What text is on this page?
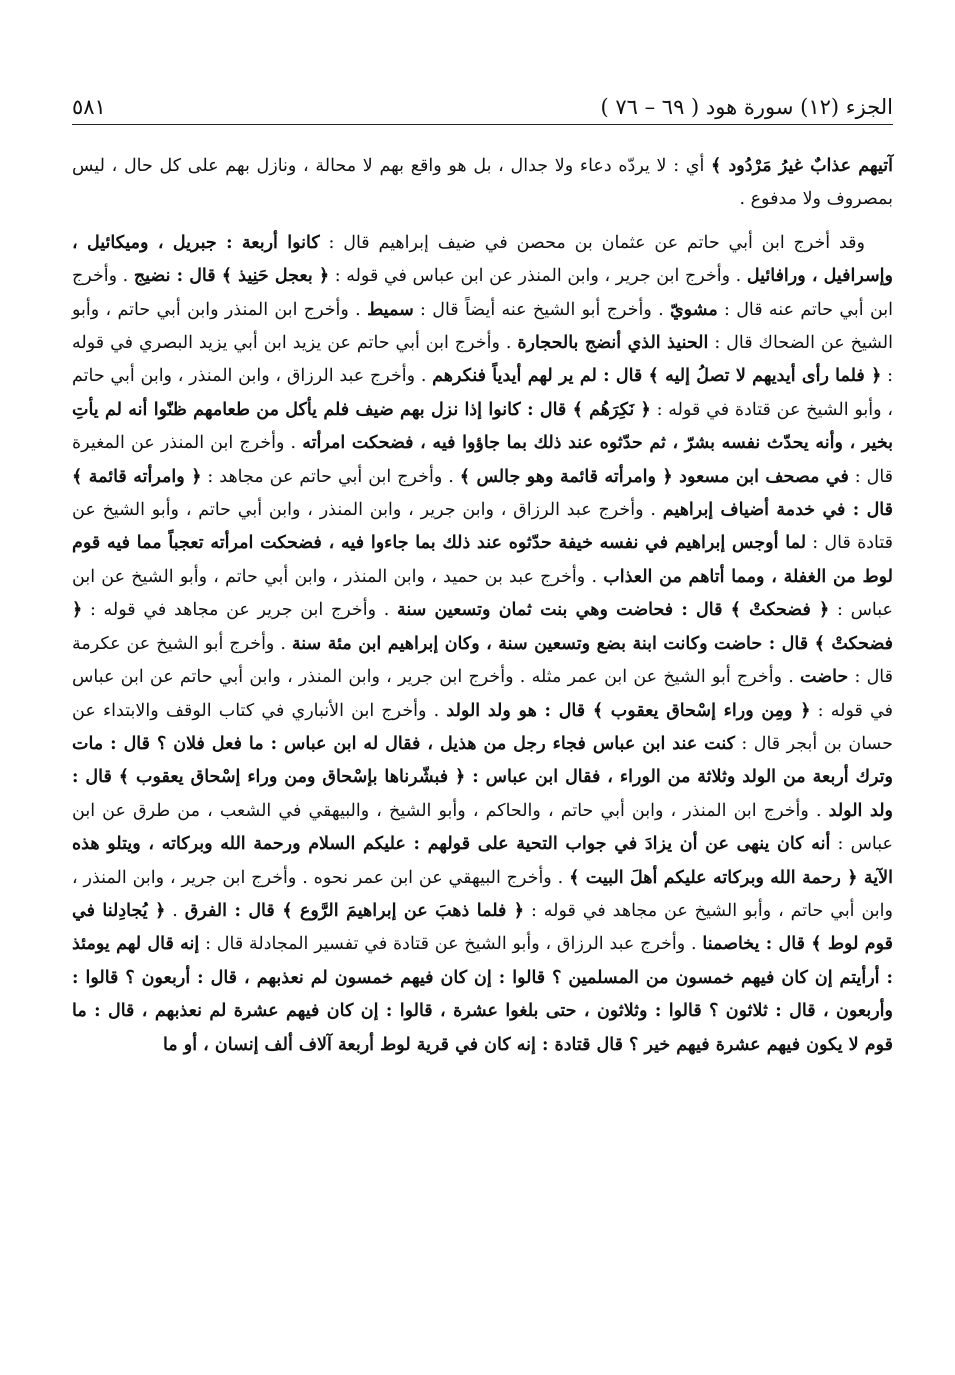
الجزء (١٢) سورة هود ( ٦٩ – ٧٦ )
٥٨١

آتيهم عذابٌ غيرُ مَرْدُود ﴾ أي : لا يردّه دعاء ولا جدال ، بل هو واقع بهم لا محالة ، ونازل بهم على كل حال ، ليس بمصروف ولا مدفوع .

وقد أخرج ابن أبي حاتم عن عثمان بن محصن في ضيف إبراهيم قال : كانوا أربعة : جبريل ، وميكائيل ، وإسرافيل ، ورافائيل . وأخرج ابن جرير ، وابن المنذر عن ابن عباس في قوله : ﴿ بعجل حَنِيذ ﴾ قال : نضيج . وأخرج ابن أبي حاتم عنه قال : مشويّ . وأخرج أبو الشيخ عنه أيضاً قال : سميط . وأخرج ابن المنذر وابن أبي حاتم ، وأبو الشيخ عن الضحاك قال : الحنيذ الذي أنضج بالحجارة . وأخرج ابن أبي حاتم عن يزيد ابن أبي يزيد البصري في قوله : ﴿ فلما رأى أيديهم لا تصلُ إليه ﴾ قال : لم ير لهم أيدياً فنكرهم . وأخرج عبد الرزاق ، وابن المنذر ، وابن أبي حاتم ، وأبو الشيخ عن قتادة في قوله : ﴿ نَكِرَهُم ﴾ قال : كانوا إذا نزل بهم ضيف فلم يأكل من طعامهم ظنّوا أنه لم يأتِ بخير ، وأنه يحدّث نفسه بشرّ ، ثم حدّثوه عند ذلك بما جاؤوا فيه ، فضحكت امرأته . وأخرج ابن المنذر عن المغيرة قال : في مصحف ابن مسعود ﴿ وامرأته قائمة وهو جالس ﴾ . وأخرج ابن أبي حاتم عن مجاهد : ﴿ وامرأته قائمة ﴾ قال : في خدمة أضياف إبراهيم . وأخرج عبد الرزاق ، وابن جرير ، وابن المنذر ، وابن أبي حاتم ، وأبو الشيخ عن قتادة قال : لما أوجس إبراهيم في نفسه خيفة حدّثوه عند ذلك بما جاءوا فيه ، فضحكت امرأته تعجباً مما فيه قوم لوط من الغفلة ، ومما أتاهم من العذاب . وأخرج عبد بن حميد ، وابن المنذر ، وابن أبي حاتم ، وأبو الشيخ عن ابن عباس : ﴿ فضحكتْ ﴾ قال : فحاضت وهي بنت ثمان وتسعين سنة . وأخرج ابن جرير عن مجاهد في قوله : ﴿ فضحكتْ ﴾ قال : حاضت وكانت ابنة بضع وتسعين سنة ، وكان إبراهيم ابن مئة سنة . وأخرج أبو الشيخ عن عكرمة قال : حاضت . وأخرج أبو الشيخ عن ابن عمر مثله . وأخرج ابن جرير ، وابن المنذر ، وابن أبي حاتم عن ابن عباس في قوله : ﴿ ومِن وراء إسْحاق يعقوب ﴾ قال : هو ولد الولد . وأخرج ابن الأنباري في كتاب الوقف والابتداء عن حسان بن أبجر قال : كنت عند ابن عباس فجاء رجل من هذيل ، فقال له ابن عباس : ما فعل فلان ؟ قال : مات وترك أربعة من الولد وثلاثة من الوراء ، فقال ابن عباس : ﴿ فبشّرناها بإسْحاق ومن وراء إسْحاق يعقوب ﴾ قال : ولد الولد . وأخرج ابن المنذر ، وابن أبي حاتم ، والحاكم ، وأبو الشيخ ، والبيهقي في الشعب ، من طرق عن ابن عباس : أنه كان ينهى عن أن يزادَ في جواب التحية على قولهم : عليكم السلام ورحمة الله وبركاته ، ويتلو هذه الآية ﴿ رحمة الله وبركاته عليكم أهلَ البيت ﴾ . وأخرج البيهقي عن ابن عمر نحوه . وأخرج ابن جرير ، وابن المنذر ، وابن أبي حاتم ، وأبو الشيخ عن مجاهد في قوله : ﴿ فلما ذهبَ عن إبراهيمَ الرَّوع ﴾ قال : الفرق . ﴿ يُجادِلنا في قوم لوط ﴾ قال : يخاصمنا . وأخرج عبد الرزاق ، وأبو الشيخ عن قتادة في تفسير المجادلة قال : إنه قال لهم يومئذ : أرأيتم إن كان فيهم خمسون من المسلمين ؟ قالوا : إن كان فيهم خمسون لم نعذبهم ، قال : أربعون ؟ قالوا : وأربعون ، قال : ثلاثون ؟ قالوا : وثلاثون ، حتى بلغوا عشرة ، قالوا : إن كان فيهم عشرة لم نعذبهم ، قال : ما قوم لا يكون فيهم عشرة فيهم خير ؟ قال قتادة : إنه كان في قرية لوط أربعة آلاف ألف إنسان ، أو ما
